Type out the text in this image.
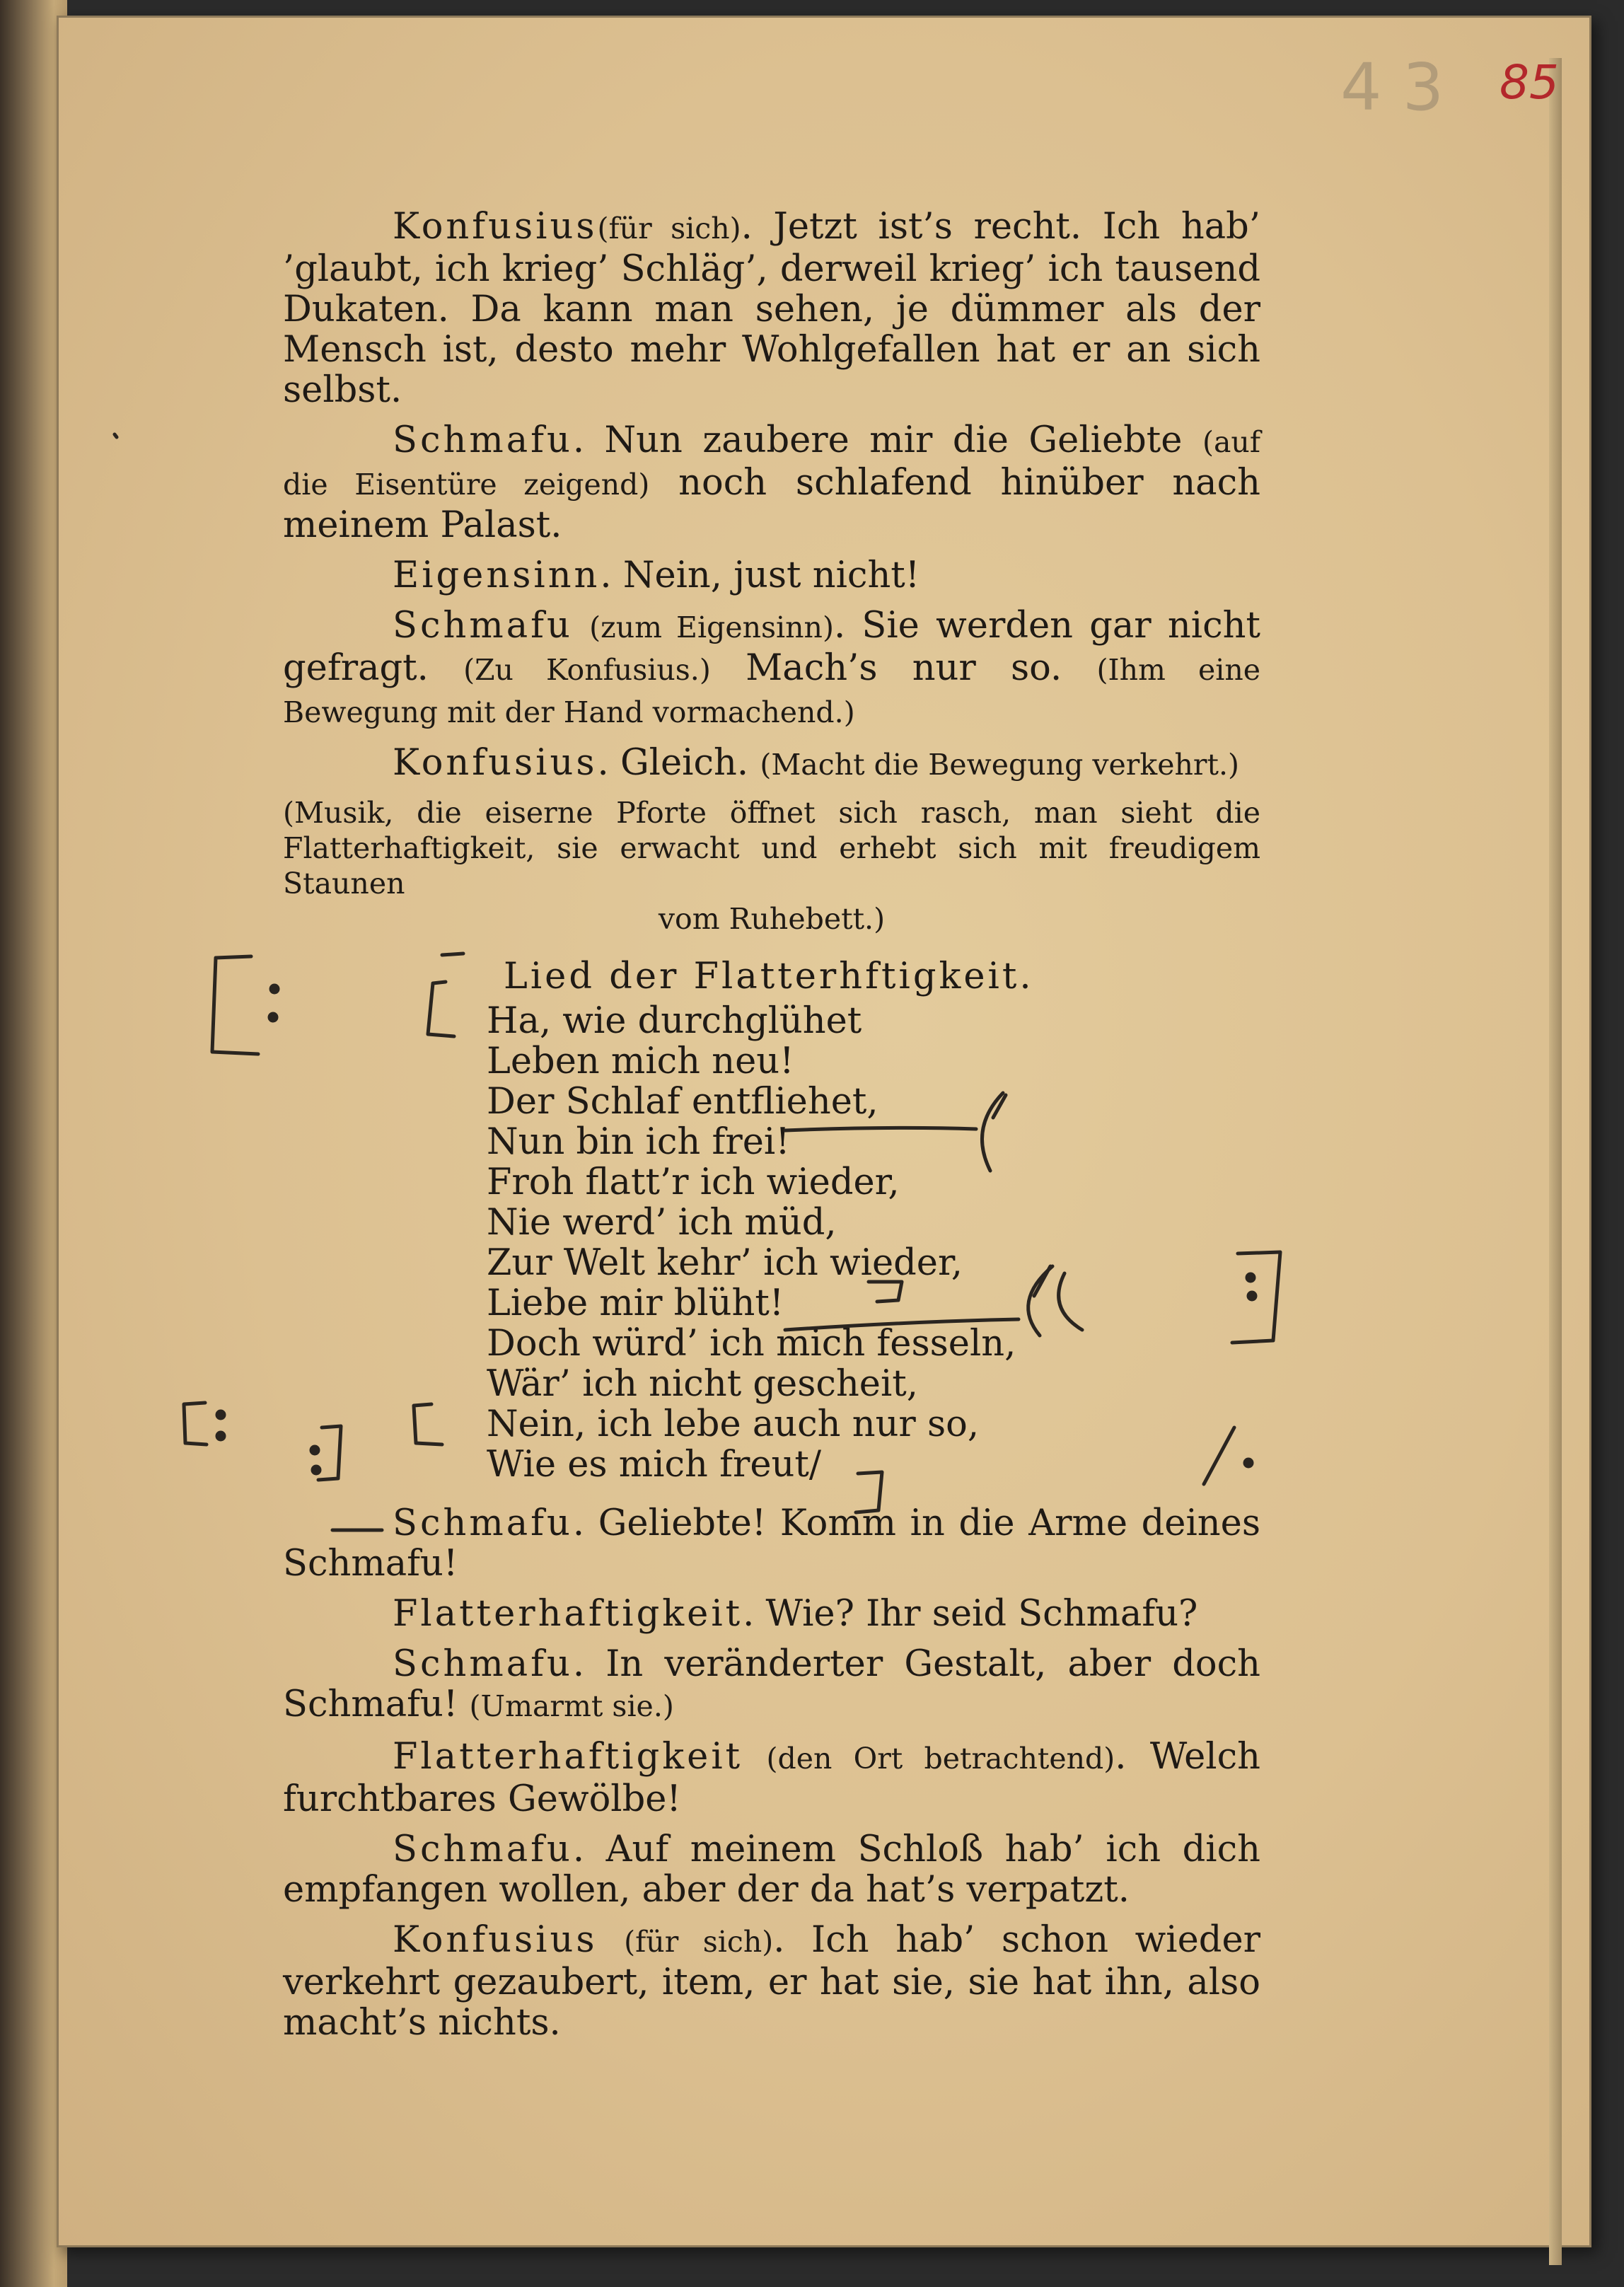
4 3 85
Konfusius(für sich). Jetzt ist’s recht. Ich hab’ ’glaubt, ich krieg’ Schläg’, derweil krieg’ ich tausend Dukaten. Da kann man sehen, je dümmer als der Mensch ist, desto mehr Wohlgefallen hat er an sich selbst.
Schmafu. Nun zaubere mir die Geliebte (auf die Eisentüre zeigend) noch schlafend hinüber nach meinem Palast.
Eigensinn. Nein, just nicht!
Schmafu (zum Eigensinn). Sie werden gar nicht gefragt. (Zu Konfusius.) Mach’s nur so. (Ihm eine Bewegung mit der Hand vormachend.)
Konfusius. Gleich. (Macht die Bewegung verkehrt.)
(Musik, die eiserne Pforte öffnet sich rasch, man sieht die Flatterhaftigkeit, sie erwacht und erhebt sich mit freudigem Staunen
vom Ruhebett.)
Lied der Flatterhftigkeit.
Ha, wie durchglühet
Leben mich neu!
Der Schlaf entfliehet,
Nun bin ich frei!
Froh flatt’r ich wieder,
Nie werd’ ich müd,
Zur Welt kehr’ ich wieder,
Liebe mir blüht!
Doch würd’ ich mich fesseln,
Wär’ ich nicht gescheit,
Nein, ich lebe auch nur so,
Wie es mich freut/
Schmafu. Geliebte! Komm in die Arme deines Schmafu!
Flatterhaftigkeit. Wie? Ihr seid Schmafu?
Schmafu. In veränderter Gestalt, aber doch Schmafu! (Umarmt sie.)
Flatterhaftigkeit (den Ort betrachtend). Welch furchtbares Gewölbe!
Schmafu. Auf meinem Schloß hab’ ich dich empfangen wollen, aber der da hat’s verpatzt.
Konfusius (für sich). Ich hab’ schon wieder verkehrt gezaubert, item, er hat sie, sie hat ihn, also macht’s nichts.
